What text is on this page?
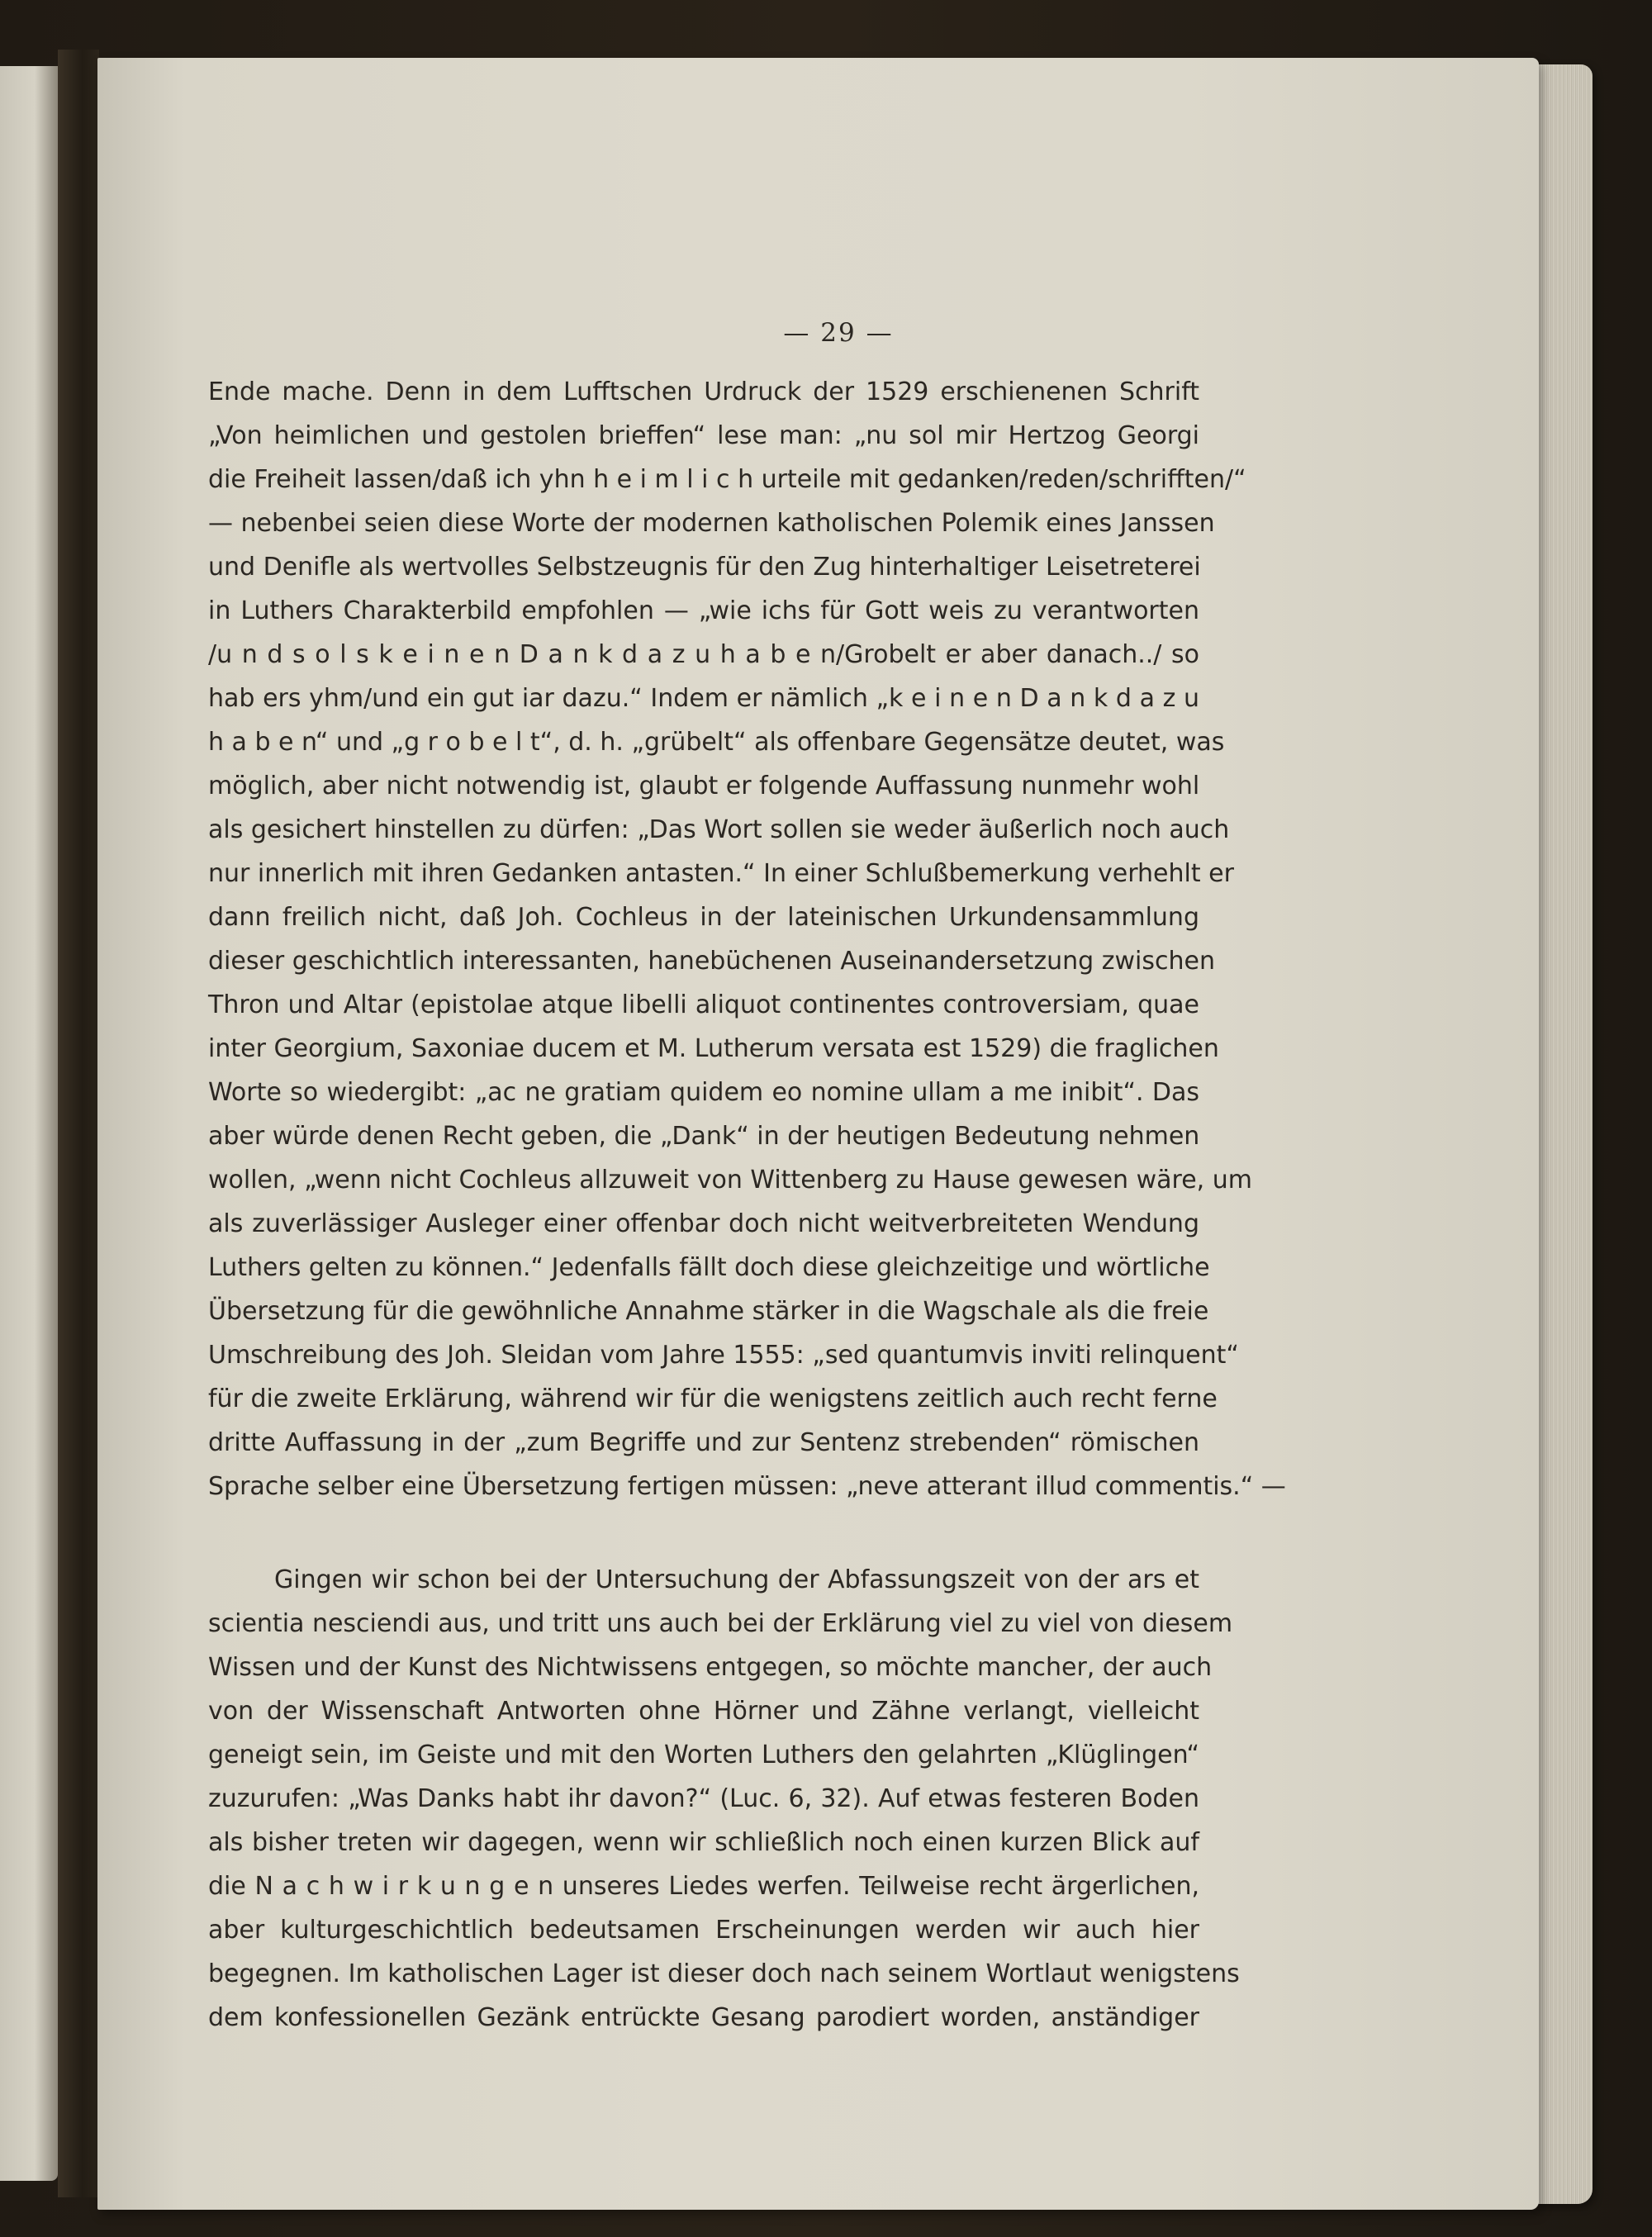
— 29 —
Ende mache. Denn in dem Lufftschen Urdruck der 1529 erschienenen Schrift
„Von heimlichen und gestolen brieffen“ lese man: „nu sol mir Hertzog Georgi
die Freiheit lassen/daß ich yhn h e i m l i c h urteile mit gedanken/reden/schrifften/“
— nebenbei seien diese Worte der modernen katholischen Polemik eines Janssen
und Denifle als wertvolles Selbstzeugnis für den Zug hinterhaltiger Leisetreterei
in Luthers Charakterbild empfohlen — „wie ichs für Gott weis zu verantworten
/u n d s o l s k e i n e n D a n k d a z u h a b e n/Grobelt er aber danach../ so
hab ers yhm/und ein gut iar dazu.“ Indem er nämlich „k e i n e n D a n k d a z u
h a b e n“ und „g r o b e l t“, d. h. „grübelt“ als offenbare Gegensätze deutet, was
möglich, aber nicht notwendig ist, glaubt er folgende Auffassung nunmehr wohl
als gesichert hinstellen zu dürfen: „Das Wort sollen sie weder äußerlich noch auch
nur innerlich mit ihren Gedanken antasten.“ In einer Schlußbemerkung verhehlt er
dann freilich nicht, daß Joh. Cochleus in der lateinischen Urkundensammlung
dieser geschichtlich interessanten, hanebüchenen Auseinandersetzung zwischen
Thron und Altar (epistolae atque libelli aliquot continentes controversiam, quae
inter Georgium, Saxoniae ducem et M. Lutherum versata est 1529) die fraglichen
Worte so wiedergibt: „ac ne gratiam quidem eo nomine ullam a me inibit“. Das
aber würde denen Recht geben, die „Dank“ in der heutigen Bedeutung nehmen
wollen, „wenn nicht Cochleus allzuweit von Wittenberg zu Hause gewesen wäre, um
als zuverlässiger Ausleger einer offenbar doch nicht weitverbreiteten Wendung
Luthers gelten zu können.“ Jedenfalls fällt doch diese gleichzeitige und wörtliche
Übersetzung für die gewöhnliche Annahme stärker in die Wagschale als die freie
Umschreibung des Joh. Sleidan vom Jahre 1555: „sed quantumvis inviti relinquent“
für die zweite Erklärung, während wir für die wenigstens zeitlich auch recht ferne
dritte Auffassung in der „zum Begriffe und zur Sentenz strebenden“ römischen
Sprache selber eine Übersetzung fertigen müssen: „neve atterant illud commentis.“ —
Gingen wir schon bei der Untersuchung der Abfassungszeit von der ars et
scientia nesciendi aus, und tritt uns auch bei der Erklärung viel zu viel von diesem
Wissen und der Kunst des Nichtwissens entgegen, so möchte mancher, der auch
von der Wissenschaft Antworten ohne Hörner und Zähne verlangt, vielleicht
geneigt sein, im Geiste und mit den Worten Luthers den gelahrten „Klüglingen“
zuzurufen: „Was Danks habt ihr davon?“ (Luc. 6, 32). Auf etwas festeren Boden
als bisher treten wir dagegen, wenn wir schließlich noch einen kurzen Blick auf
die N a c h w i r k u n g e n unseres Liedes werfen. Teilweise recht ärgerlichen,
aber kulturgeschichtlich bedeutsamen Erscheinungen werden wir auch hier
begegnen. Im katholischen Lager ist dieser doch nach seinem Wortlaut wenigstens
dem konfessionellen Gezänk entrückte Gesang parodiert worden, anständiger
